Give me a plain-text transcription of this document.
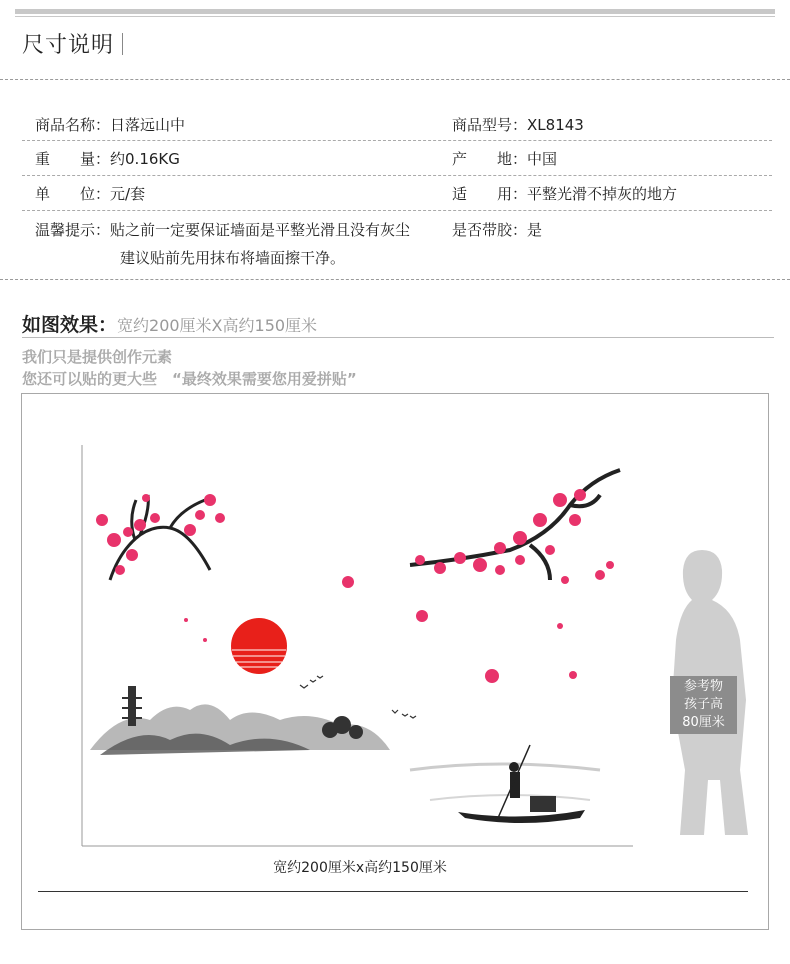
尺寸说明
商品名称：日落远山中	商品型号：XL8143
重　　量：约0.16KG	产　　地：中国
单　　位：元/套	适　　用：平整光滑不掉灰的地方
温馨提示：贴之前一定要保证墙面是平整光滑且没有灰尘
建议贴前先用抹布将墙面擦干净。
是否带胶：是
如图效果：宽约200厘米X高约150厘米
我们只是提供创作元素
您还可以贴的更大些　“最终效果需要您用爱拼贴”
参考物
孩子高
80厘米
宽约200厘米x高约150厘米
